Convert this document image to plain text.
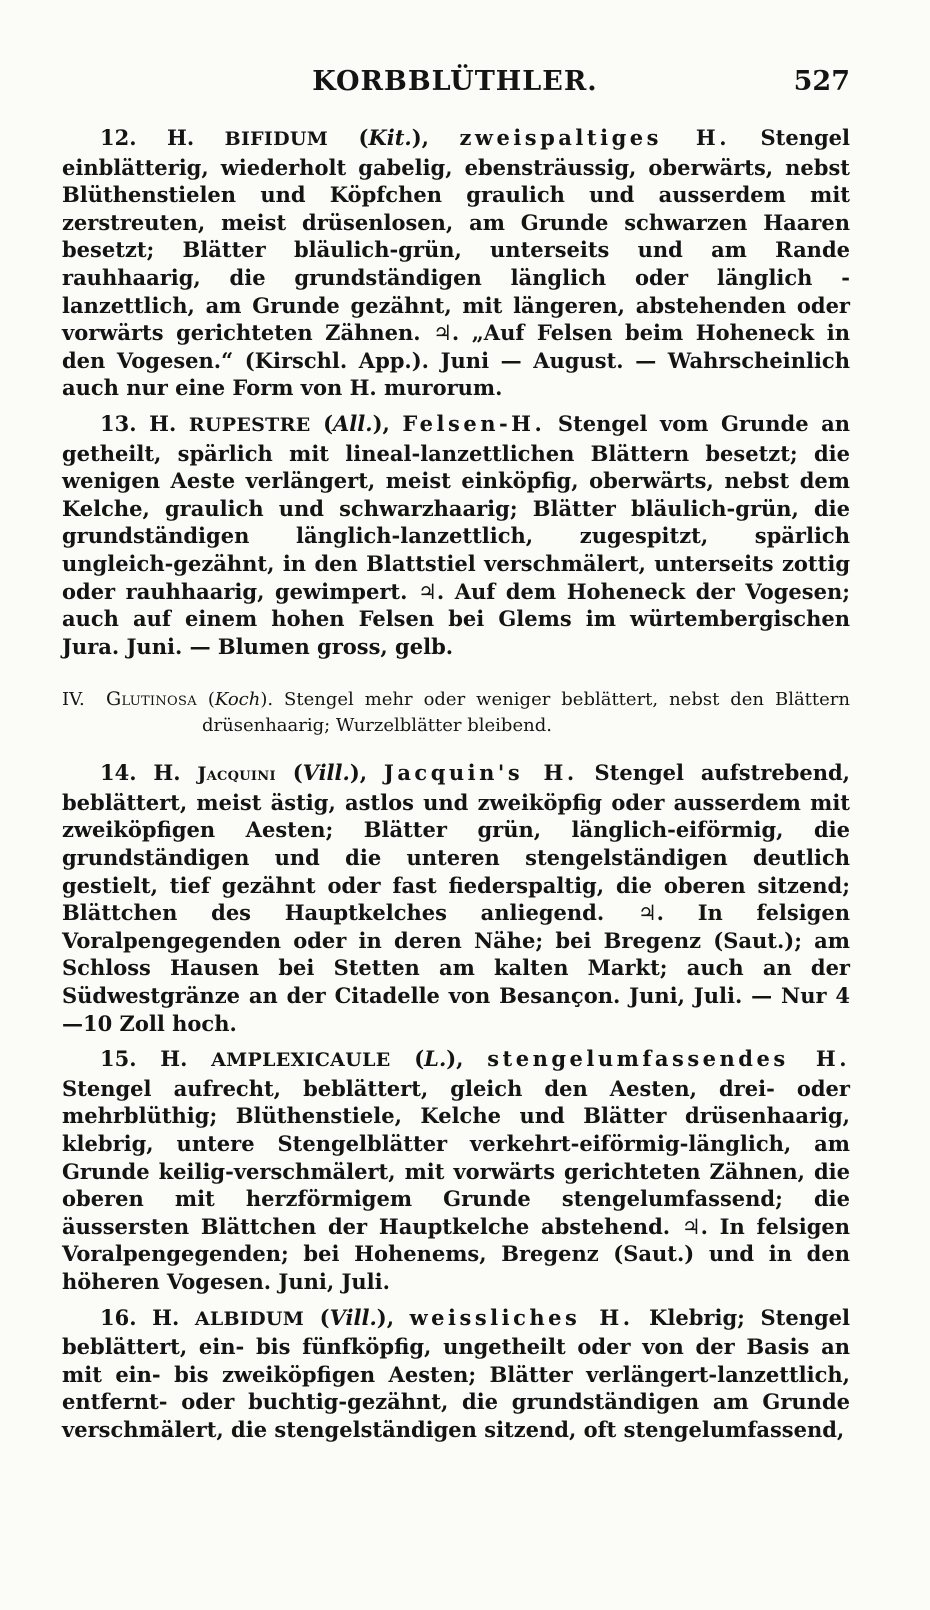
KORBBLÜTHLER.	527

12. H. BIFIDUM (Kit.), zweispaltiges H. Stengel einblätterig, wiederholt gabelig, ebensträussig, oberwärts, nebst Blüthenstielen und Köpfchen graulich und ausserdem mit zerstreuten, meist drüsenlosen, am Grunde schwarzen Haaren besetzt; Blätter bläulich-grün, unterseits und am Rande rauhhaarig, die grundständigen länglich oder länglich - lanzettlich, am Grunde gezähnt, mit längeren, abstehenden oder vorwärts gerichteten Zähnen. ♃. „Auf Felsen beim Hoheneck in den Vogesen.“ (Kirschl. App.). Juni — August. — Wahrscheinlich auch nur eine Form von H. murorum.

13. H. RUPESTRE (All.), Felsen-H. Stengel vom Grunde an getheilt, spärlich mit lineal-lanzettlichen Blättern besetzt; die wenigen Aeste verlängert, meist einköpfig, oberwärts, nebst dem Kelche, graulich und schwarzhaarig; Blätter bläulich-grün, die grundständigen länglich-lanzettlich, zugespitzt, spärlich ungleich-gezähnt, in den Blattstiel verschmälert, unterseits zottig oder rauhhaarig, gewimpert. ♃. Auf dem Hoheneck der Vogesen; auch auf einem hohen Felsen bei Glems im würtembergischen Jura. Juni. — Blumen gross, gelb.

IV. Glutinosa (Koch). Stengel mehr oder weniger beblättert, nebst den Blättern drüsenhaarig; Wurzelblätter bleibend.

14. H. Jacquini (Vill.), Jacquin's H. Stengel aufstrebend, beblättert, meist ästig, astlos und zweiköpfig oder ausserdem mit zweiköpfigen Aesten; Blätter grün, länglich-eiförmig, die grundständigen und die unteren stengelständigen deutlich gestielt, tief gezähnt oder fast fiederspaltig, die oberen sitzend; Blättchen des Hauptkelches anliegend. ♃. In felsigen Voralpengegenden oder in deren Nähe; bei Bregenz (Saut.); am Schloss Hausen bei Stetten am kalten Markt; auch an der Südwestgränze an der Citadelle von Besançon. Juni, Juli. — Nur 4—10 Zoll hoch.

15. H. AMPLEXICAULE (L.), stengelumfassendes H. Stengel aufrecht, beblättert, gleich den Aesten, drei- oder mehrblüthig; Blüthenstiele, Kelche und Blätter drüsenhaarig, klebrig, untere Stengelblätter verkehrt-eiförmig-länglich, am Grunde keilig-verschmälert, mit vorwärts gerichteten Zähnen, die oberen mit herzförmigem Grunde stengelumfassend; die äussersten Blättchen der Hauptkelche abstehend. ♃. In felsigen Voralpengegenden; bei Hohenems, Bregenz (Saut.) und in den höheren Vogesen. Juni, Juli.

16. H. ALBIDUM (Vill.), weissliches H. Klebrig; Stengel beblättert, ein- bis fünfköpfig, ungetheilt oder von der Basis an mit ein- bis zweiköpfigen Aesten; Blätter verlängert-lanzettlich, entfernt- oder buchtig-gezähnt, die grundständigen am Grunde verschmälert, die stengelständigen sitzend, oft stengelumfassend,
